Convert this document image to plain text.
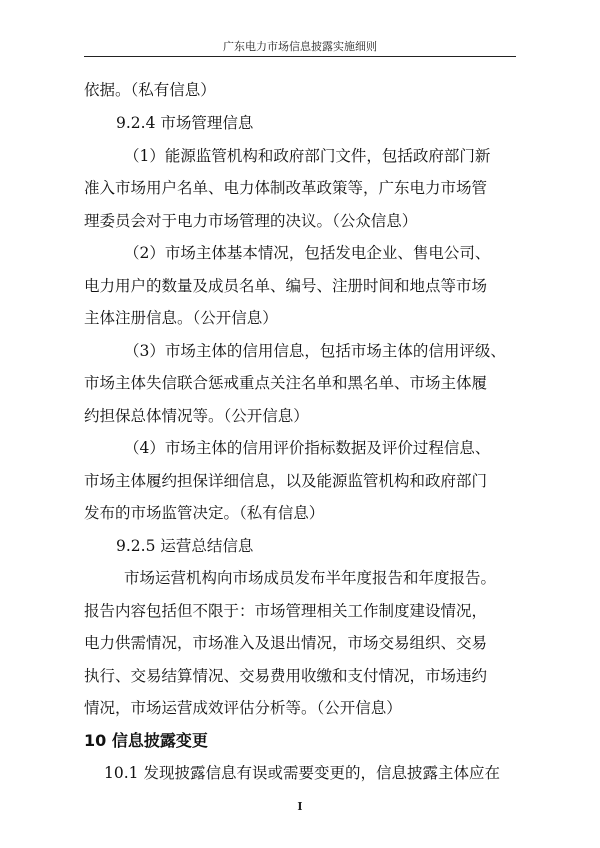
广东电力市场信息披露实施细则
依据。（私有信息）
9.2.4 市场管理信息
（1）能源监管机构和政府部门文件，包括政府部门新
准入市场用户名单、电力体制改革政策等，广东电力市场管
理委员会对于电力市场管理的决议。（公众信息）
（2）市场主体基本情况，包括发电企业、售电公司、
电力用户的数量及成员名单、编号、注册时间和地点等市场
主体注册信息。（公开信息）
（3）市场主体的信用信息，包括市场主体的信用评级、
市场主体失信联合惩戒重点关注名单和黑名单、市场主体履
约担保总体情况等。（公开信息）
（4）市场主体的信用评价指标数据及评价过程信息、
市场主体履约担保详细信息，以及能源监管机构和政府部门
发布的市场监管决定。（私有信息）
9.2.5 运营总结信息
市场运营机构向市场成员发布半年度报告和年度报告。
报告内容包括但不限于：市场管理相关工作制度建设情况，
电力供需情况，市场准入及退出情况，市场交易组织、交易
执行、交易结算情况、交易费用收缴和支付情况，市场违约
情况，市场运营成效评估分析等。（公开信息）
10 信息披露变更
10.1 发现披露信息有误或需要变更的，信息披露主体应在
I
